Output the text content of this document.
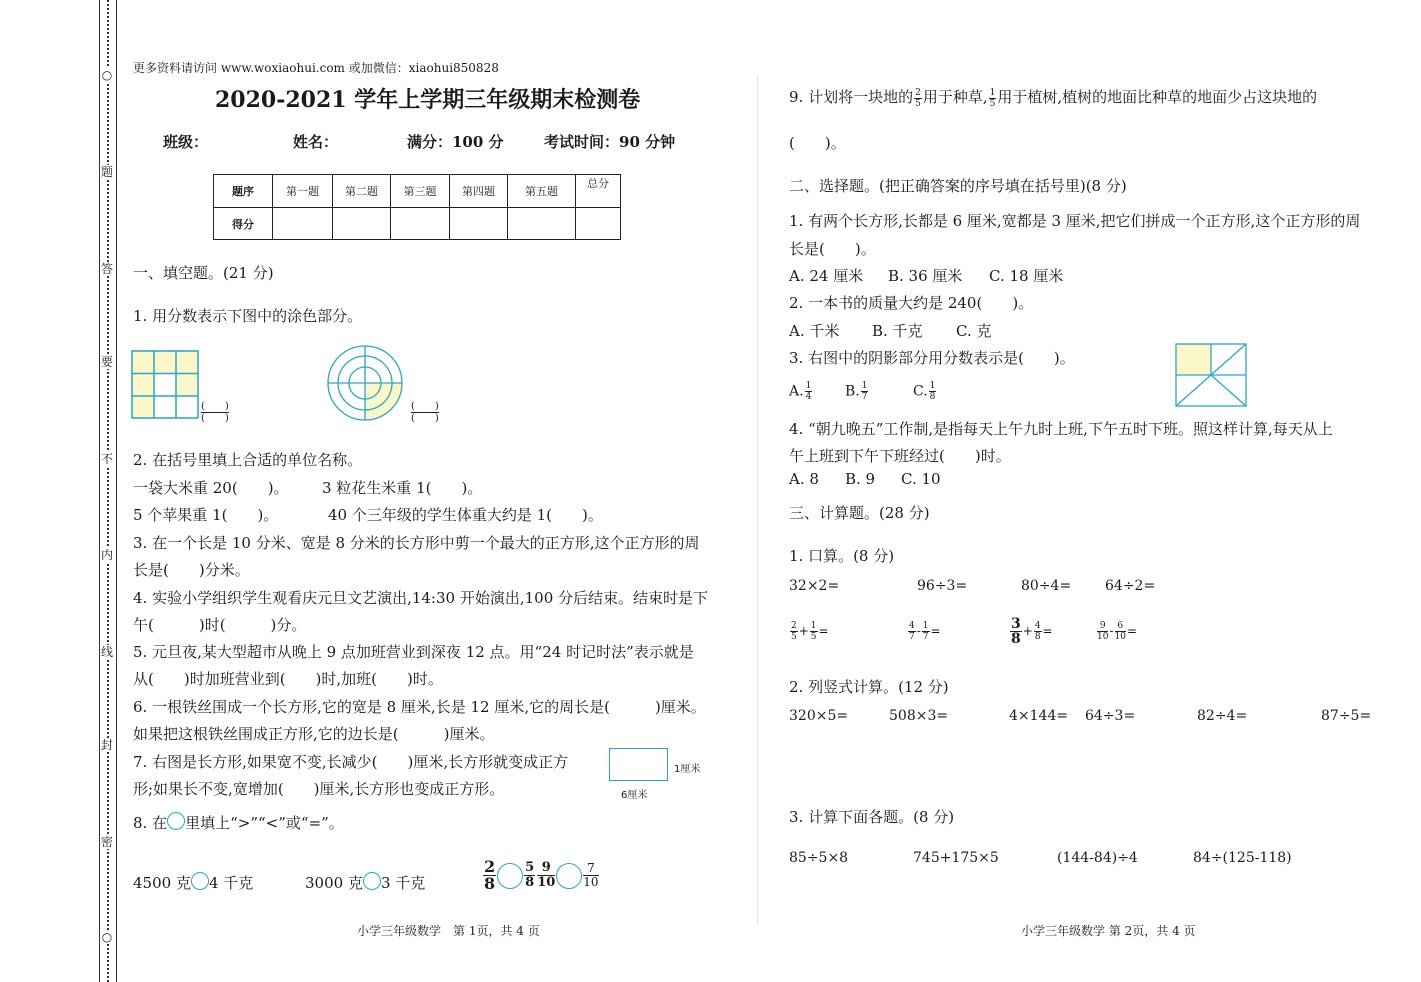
○
题
答
要
不
内
线
封
密
○
更多资料请访问 www.woxiaohui.com 或加微信：xiaohui850828
2020-2021 学年上学期三年级期末检测卷
班级：	姓名：	满分：100 分	考试时间：90 分钟
题序	第一题	第二题	第三题	第四题	第五题	总分
得分						
一、填空题。(21 分)
1. 用分数表示下图中的涂色部分。
(　　)
(　　)
(　　)
(　　)
2. 在括号里填上合适的单位名称。
一袋大米重 20(　　)。 3 粒花生米重 1(　　)。
5 个苹果重 1(　　)。	40 个三年级的学生体重大约是 1(　　)。
3. 在一个长是 10 分米、宽是 8 分米的长方形中剪一个最大的正方形,这个正方形的周
长是(　　)分米。
4. 实验小学组织学生观看庆元旦文艺演出,14:30 开始演出,100 分后结束。结束时是下
午(　　　)时(　　　)分。
5. 元旦夜,某大型超市从晚上 9 点加班营业到深夜 12 点。用“24 时记时法”表示就是
从(　　)时加班营业到(　　)时,加班(　　)时。
6. 一根铁丝围成一个长方形,它的宽是 8 厘米,长是 12 厘米,它的周长是(　　　)厘米。
如果把这根铁丝围成正方形,它的边长是(　　　)厘米。
7. 右图是长方形,如果宽不变,长减少(　　)厘米,长方形就变成正方
形;如果长不变,宽增加(　　)厘米,长方形也变成正方形。
1厘米
6厘米
8. 在 里填上“>”“<”或“=”。
4500 克 4 千克	3000 克 3 千克	$\frac{2}{8} \frac{5}{8} \frac{9}{10} \frac{7}{10}$
小学三年级数学　第 1页，共 4 页
9. 计划将一块地的 $\frac{2}{5}$ 用于种草, $\frac{1}{5}$ 用于植树,植树的地面比种草的地面少占这块地的
(　　)。
二、选择题。(把正确答案的序号填在括号里)(8 分)
1. 有两个长方形,长都是 6 厘米,宽都是 3 厘米,把它们拼成一个正方形,这个正方形的周
长是(　　)。
A. 24 厘米 B. 36 厘米 C. 18 厘米
2. 一本书的质量大约是 240(　　)。
A. 千米 B. 千克 C. 克
3. 右图中的阴影部分用分数表示是(　　)。
A. $\frac{1}{4} B$. $\frac{1}{7}$	C. $\frac{1}{8}$
4. “朝九晚五”工作制,是指每天上午九时上班,下午五时下班。照这样计算,每天从上
午上班到下午下班经过(　　)时。
A. 8 B. 9 C. 10
三、计算题。(28 分)
1. 口算。(8 分)
32×2=	96÷3=	80÷4= 64÷2=
$\frac{2}{5} + \frac{1}{5}$ =	$\frac{4}{7} - \frac{1}{7}$ =	$\frac{3}{8} + \frac{4}{8}$ =	$\frac{9}{10} - \frac{6}{10}$ =
2. 列竖式计算。(12 分)
320×5=	508×3=	4×144= 64÷3=	82÷4=	87÷5=
3. 计算下面各题。(8 分)
85÷5×8	745+175×5	(144-84)÷4	84÷(125-118)
小学三年级数学 第 2页，共 4 页
